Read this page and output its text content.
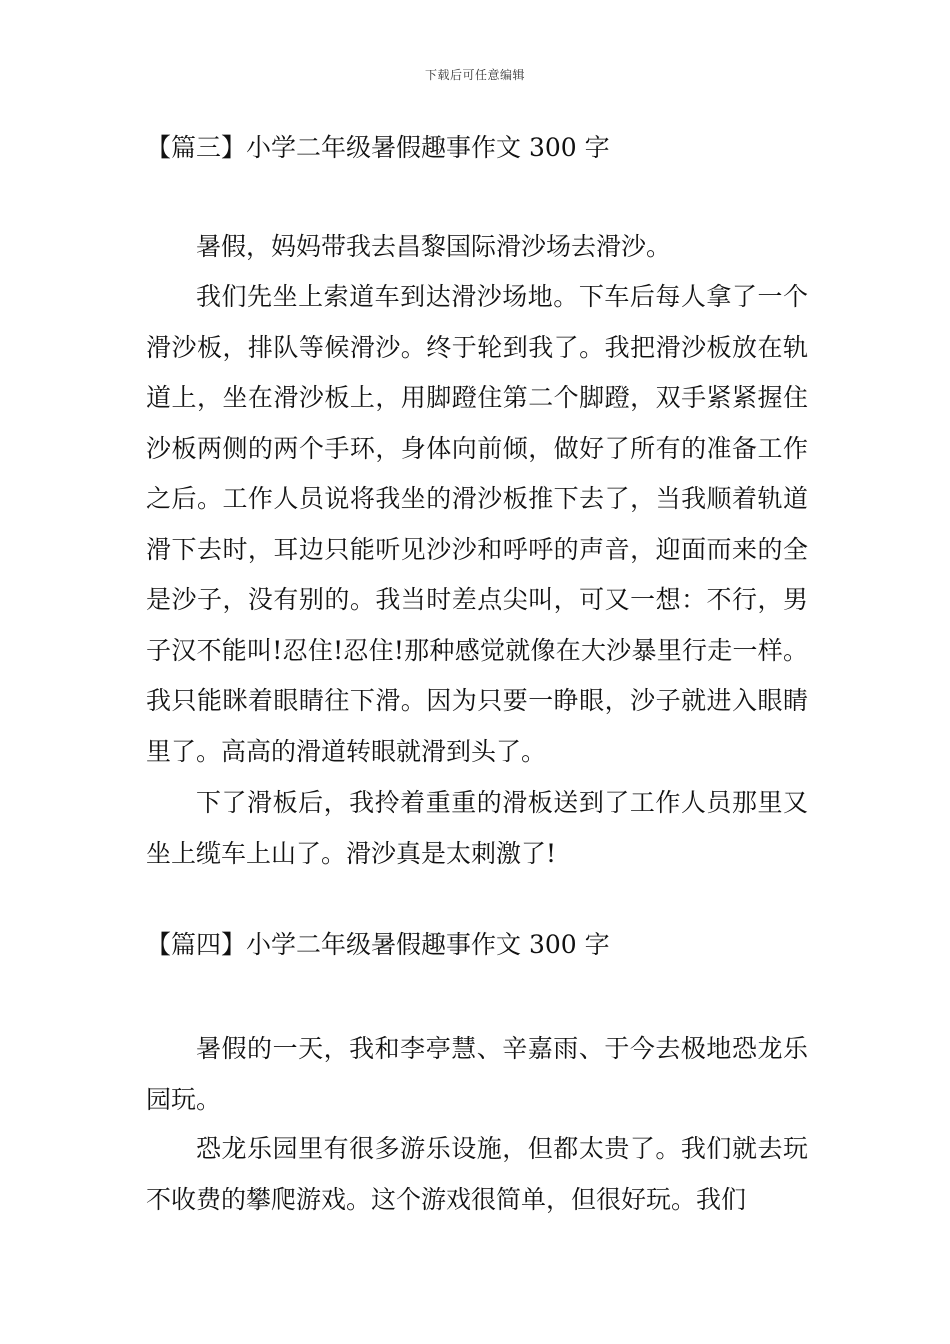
下载后可任意编辑
【篇三】小学二年级暑假趣事作文 300 字

暑假，妈妈带我去昌黎国际滑沙场去滑沙。

我们先坐上索道车到达滑沙场地。下车后每人拿了一个滑沙板，排队等候滑沙。终于轮到我了。我把滑沙板放在轨道上，坐在滑沙板上，用脚蹬住第二个脚蹬，双手紧紧握住沙板两侧的两个手环，身体向前倾，做好了所有的准备工作之后。工作人员说将我坐的滑沙板推下去了，当我顺着轨道滑下去时，耳边只能听见沙沙和呼呼的声音，迎面而来的全是沙子，没有别的。我当时差点尖叫，可又一想：不行，男子汉不能叫!忍住!忍住!那种感觉就像在大沙暴里行走一样。我只能眯着眼睛往下滑。因为只要一睁眼，沙子就进入眼睛里了。高高的滑道转眼就滑到头了。

下了滑板后，我拎着重重的滑板送到了工作人员那里又坐上缆车上山了。滑沙真是太刺激了!

【篇四】小学二年级暑假趣事作文 300 字

暑假的一天，我和李亭慧、辛嘉雨、于今去极地恐龙乐园玩。

恐龙乐园里有很多游乐设施，但都太贵了。我们就去玩不收费的攀爬游戏。这个游戏很简单，但很好玩。我们
